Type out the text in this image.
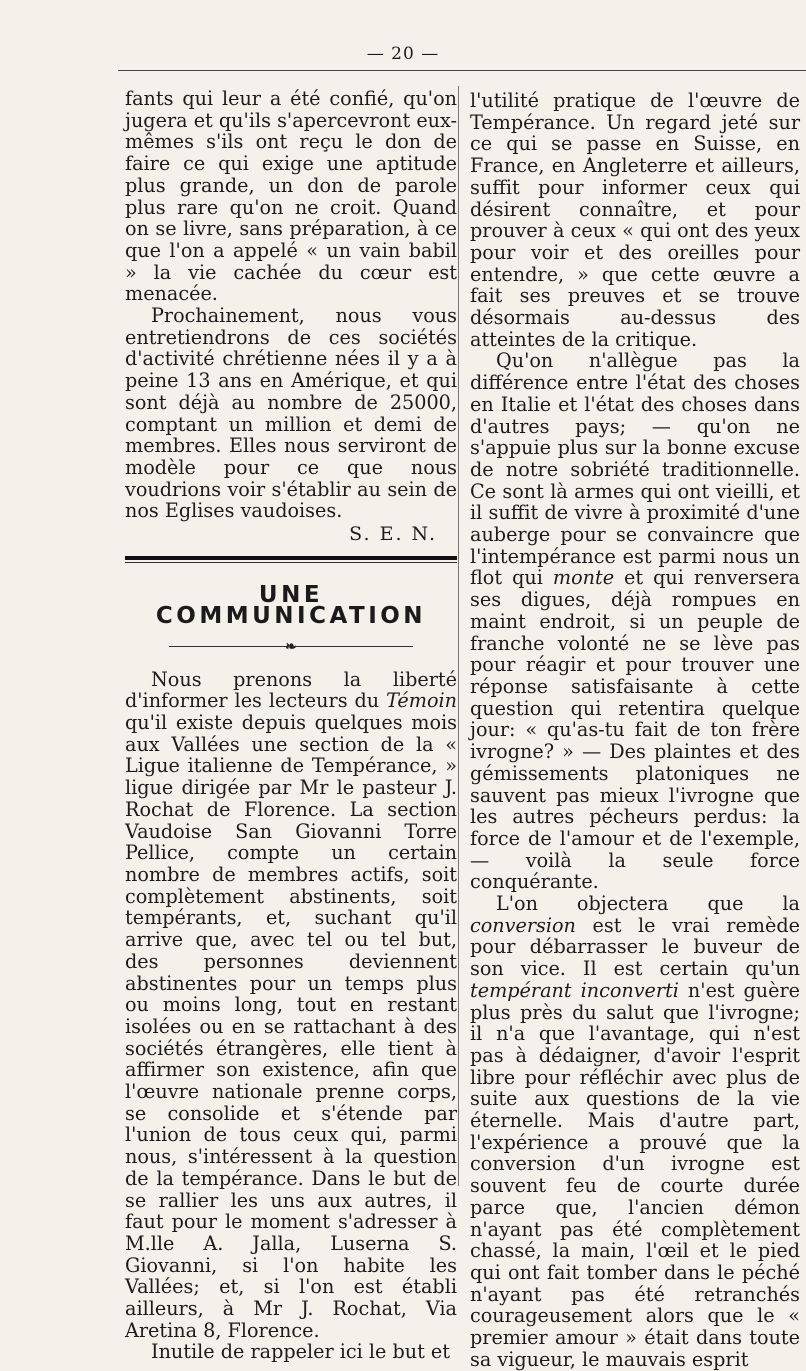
— 20 —

fants qui leur a été confié, qu'on jugera et qu'ils s'apercevront eux-mêmes s'ils ont reçu le don de faire ce qui exige une aptitude plus grande, un don de parole plus rare qu'on ne croit. Quand on se livre, sans préparation, à ce que l'on a appelé « un vain babil » la vie cachée du cœur est menacée.

Prochainement, nous vous entretiendrons de ces sociétés d'activité chrétienne nées il y a à peine 13 ans en Amérique, et qui sont déjà au nombre de 25000, comptant un million et demi de membres. Elles nous serviront de modèle pour ce que nous voudrions voir s'établir au sein de nos Eglises vaudoises.

S. E. N.
UNE COMMUNICATION
❧

Nous prenons la liberté d'informer les lecteurs du Témoin qu'il existe depuis quelques mois aux Vallées une section de la « Ligue italienne de Tempérance, » ligue dirigée par Mr le pasteur J. Rochat de Florence. La section Vaudoise San Giovanni Torre Pellice, compte un certain nombre de membres actifs, soit complètement abstinents, soit tempérants, et, suchant qu'il arrive que, avec tel ou tel but, des personnes deviennent abstinentes pour un temps plus ou moins long, tout en restant isolées ou en se rattachant à des sociétés étrangères, elle tient à affirmer son existence, afin que l'œuvre nationale prenne corps, se consolide et s'étende par l'union de tous ceux qui, parmi nous, s'intéressent à la question de la tempérance. Dans le but de se rallier les uns aux autres, il faut pour le moment s'adresser à M.lle A. Jalla, Luserna S. Giovanni, si l'on habite les Vallées; et, si l'on est établi ailleurs, à Mr J. Rochat, Via Aretina 8, Florence.

Inutile de rappeler ici le but et

l'utilité pratique de l'œuvre de Tempérance. Un regard jeté sur ce qui se passe en Suisse, en France, en Angleterre et ailleurs, suffit pour informer ceux qui désirent connaître, et pour prouver à ceux « qui ont des yeux pour voir et des oreilles pour entendre, » que cette œuvre a fait ses preuves et se trouve désormais au-dessus des atteintes de la critique.

Qu'on n'allègue pas la différence entre l'état des choses en Italie et l'état des choses dans d'autres pays; — qu'on ne s'appuie plus sur la bonne excuse de notre sobriété traditionnelle. Ce sont là armes qui ont vieilli, et il suffit de vivre à proximité d'une auberge pour se convaincre que l'intempérance est parmi nous un flot qui monte et qui renversera ses digues, déjà rompues en maint endroit, si un peuple de franche volonté ne se lève pas pour réagir et pour trouver une réponse satisfaisante à cette question qui retentira quelque jour: « qu'as-tu fait de ton frère ivrogne? » — Des plaintes et des gémissements platoniques ne sauvent pas mieux l'ivrogne que les autres pécheurs perdus: la force de l'amour et de l'exemple, — voilà la seule force conquérante.

L'on objectera que la conversion est le vrai remède pour débarrasser le buveur de son vice. Il est certain qu'un tempérant inconverti n'est guère plus près du salut que l'ivrogne; il n'a que l'avantage, qui n'est pas à dédaigner, d'avoir l'esprit libre pour réfléchir avec plus de suite aux questions de la vie éternelle. Mais d'autre part, l'expérience a prouvé que la conversion d'un ivrogne est souvent feu de courte durée parce que, l'ancien démon n'ayant pas été complètement chassé, la main, l'œil et le pied qui ont fait tomber dans le péché n'ayant pas été retranchés courageusement alors que le « premier amour » était dans toute sa vigueur, le mauvais esprit
